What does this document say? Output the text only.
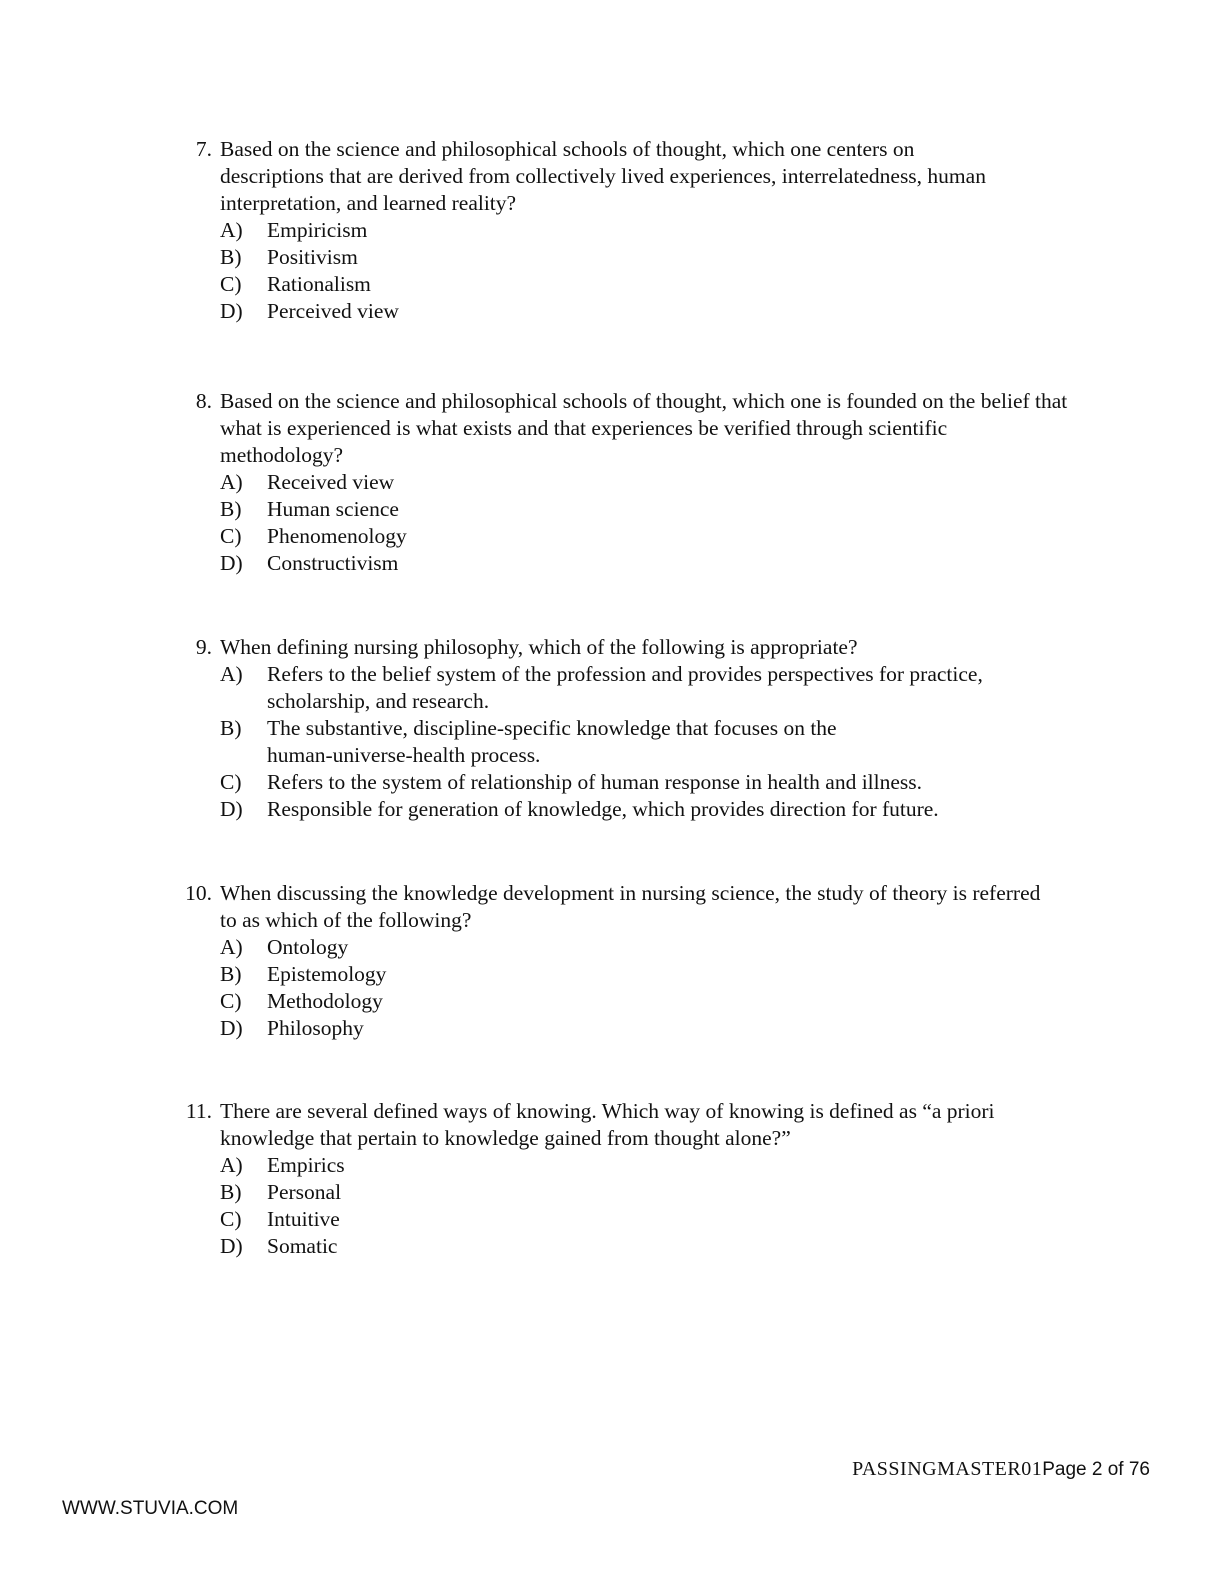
7. Based on the science and philosophical schools of thought, which one centers on descriptions that are derived from collectively lived experiences, interrelatedness, human interpretation, and learned reality?
A)	Empiricism
B)	Positivism
C)	Rationalism
D)	Perceived view
8. Based on the science and philosophical schools of thought, which one is founded on the belief that what is experienced is what exists and that experiences be verified through scientific methodology?
A)	Received view
B)	Human science
C)	Phenomenology
D)	Constructivism
9. When defining nursing philosophy, which of the following is appropriate?
A)	Refers to the belief system of the profession and provides perspectives for practice, scholarship, and research.
B)	The substantive, discipline-specific knowledge that focuses on the human-universe-health process.
C)	Refers to the system of relationship of human response in health and illness.
D)	Responsible for generation of knowledge, which provides direction for future.
10. When discussing the knowledge development in nursing science, the study of theory is referred to as which of the following?
A)	Ontology
B)	Epistemology
C)	Methodology
D)	Philosophy
11. There are several defined ways of knowing. Which way of knowing is defined as “a priori knowledge that pertain to knowledge gained from thought alone?”
A)	Empirics
B)	Personal
C)	Intuitive
D)	Somatic
PASSINGMASTER01Page 2 of 76
WWW.STUVIA.COM
